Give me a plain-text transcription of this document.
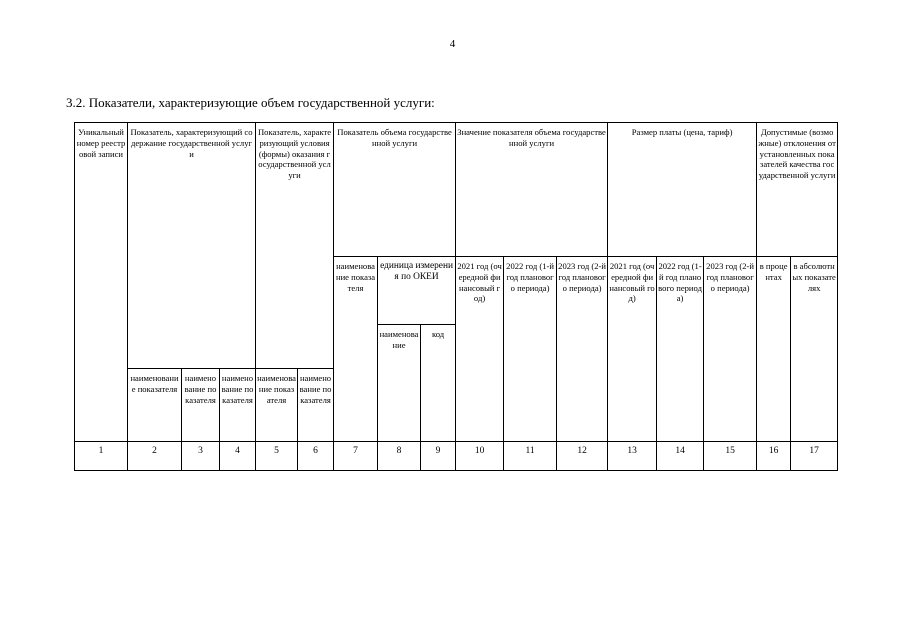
4
3.2. Показатели, характеризующие объем государственной услуги:
Уникальный номер реестровой записи	Показатель, характеризующий содержание государственной услуги			Показатель, характеризующий условия (формы) оказания государственной услуги		Показатель объема государственной услуги			Значение показателя объема государственной услуги			Размер платы (цена, тариф)			Допустимые (возможные) отклонения от установленных показателей качества государственной услуги	
						наименование показателя	единица измерения по ОКЕИ		2021 год (очередной финансовый год)	2022 год (1-й год планового периода)	2023 год (2-й год планового периода)	2021 год (очередной финансовый год)	2022 год (1-й год планового периода)	2023 год (2-й год планового периода)	в процентах	в абсолютных показателях
							наименование	код								
	наименование показателя	наименование показателя	наименование показателя	наименование показателя	наименование показателя											
1	2	3	4	5	6	7	8	9	10	11	12	13	14	15	16	17
